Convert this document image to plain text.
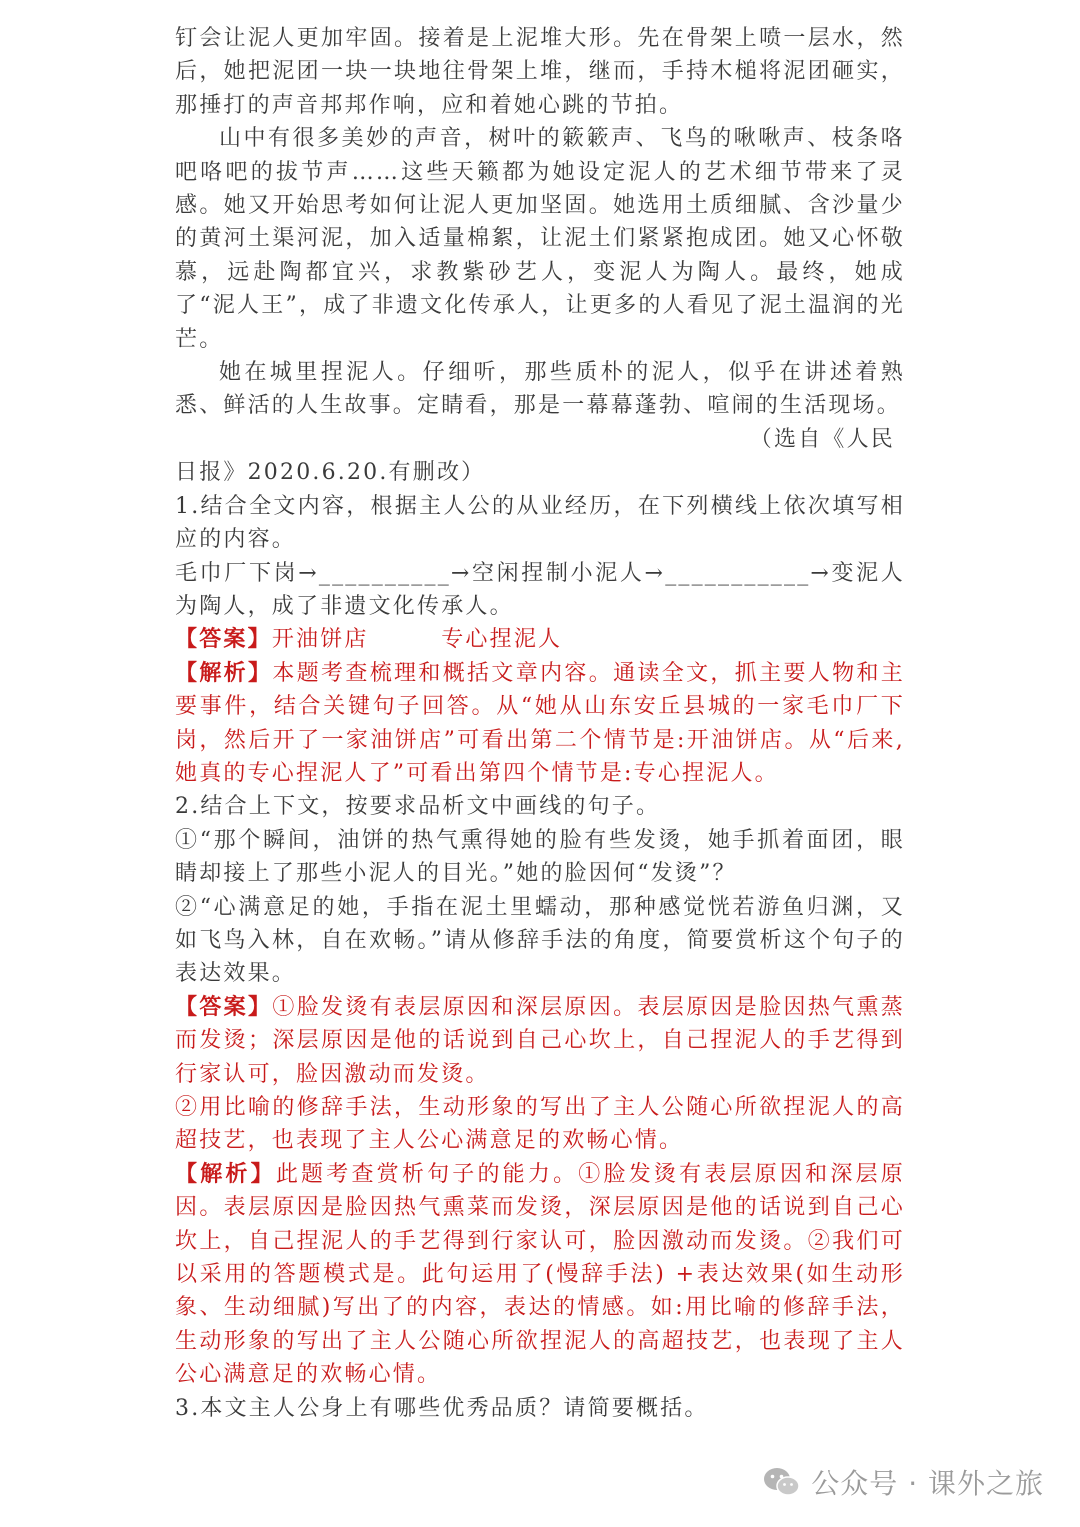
钉会让泥人更加牢固。接着是上泥堆大形。先在骨架上喷一层水，然后，她把泥团一块一块地往骨架上堆，继而，手持木槌将泥团砸实，那捶打的声音邦邦作响，应和着她心跳的节拍。

山中有很多美妙的声音，树叶的簌簌声、飞鸟的啾啾声、枝条咯吧咯吧的拔节声……这些天籁都为她设定泥人的艺术细节带来了灵感。她又开始思考如何让泥人更加坚固。她选用土质细腻、含沙量少的黄河土渠河泥，加入适量棉絮，让泥土们紧紧抱成团。她又心怀敬慕，远赴陶都宜兴，求教紫砂艺人，变泥人为陶人。最终，她成了“泥人王”，成了非遗文化传承人，让更多的人看见了泥土温润的光芒。

她在城里捏泥人。仔细听，那些质朴的泥人，似乎在讲述着熟悉、鲜活的人生故事。定睛看，那是一幕幕蓬勃、喧闹的生活现场。

（选自《人民

日报》2020.6.20.有删改）

1.结合全文内容，根据主人公的从业经历，在下列横线上依次填写相应的内容。

毛巾厂下岗→__________→空闲捏制小泥人→___________→变泥人为陶人，成了非遗文化传承人。

【答案】开油饼店　　　专心捏泥人

【解析】本题考查梳理和概括文章内容。通读全文，抓主要人物和主要事件，结合关键句子回答。从“她从山东安丘县城的一家毛巾厂下岗，然后开了一家油饼店”可看出第二个情节是:开油饼店。从“后来,她真的专心捏泥人了”可看出第四个情节是:专心捏泥人。

2.结合上下文，按要求品析文中画线的句子。

①“那个瞬间，油饼的热气熏得她的脸有些发烫，她手抓着面团，眼睛却接上了那些小泥人的目光。”她的脸因何“发烫”？

②“心满意足的她，手指在泥土里蠕动，那种感觉恍若游鱼归渊，又如飞鸟入林，自在欢畅。”请从修辞手法的角度，简要赏析这个句子的表达效果。

【答案】①脸发烫有表层原因和深层原因。表层原因是脸因热气熏蒸而发烫；深层原因是他的话说到自己心坎上，自己捏泥人的手艺得到行家认可，脸因激动而发烫。

②用比喻的修辞手法，生动形象的写出了主人公随心所欲捏泥人的高超技艺，也表现了主人公心满意足的欢畅心情。

【解析】此题考查赏析句子的能力。①脸发烫有表层原因和深层原因。表层原因是脸因热气熏菜而发烫，深层原因是他的话说到自己心坎上，自己捏泥人的手艺得到行家认可，脸因激动而发烫。②我们可以采用的答题模式是。此句运用了(慢辞手法) +表达效果(如生动形象、生动细腻)写出了的内容，表达的情感。如:用比喻的修辞手法，生动形象的写出了主人公随心所欲捏泥人的高超技艺，也表现了主人公心满意足的欢畅心情。

3.本文主人公身上有哪些优秀品质？请简要概括。

公众号 · 课外之旅
